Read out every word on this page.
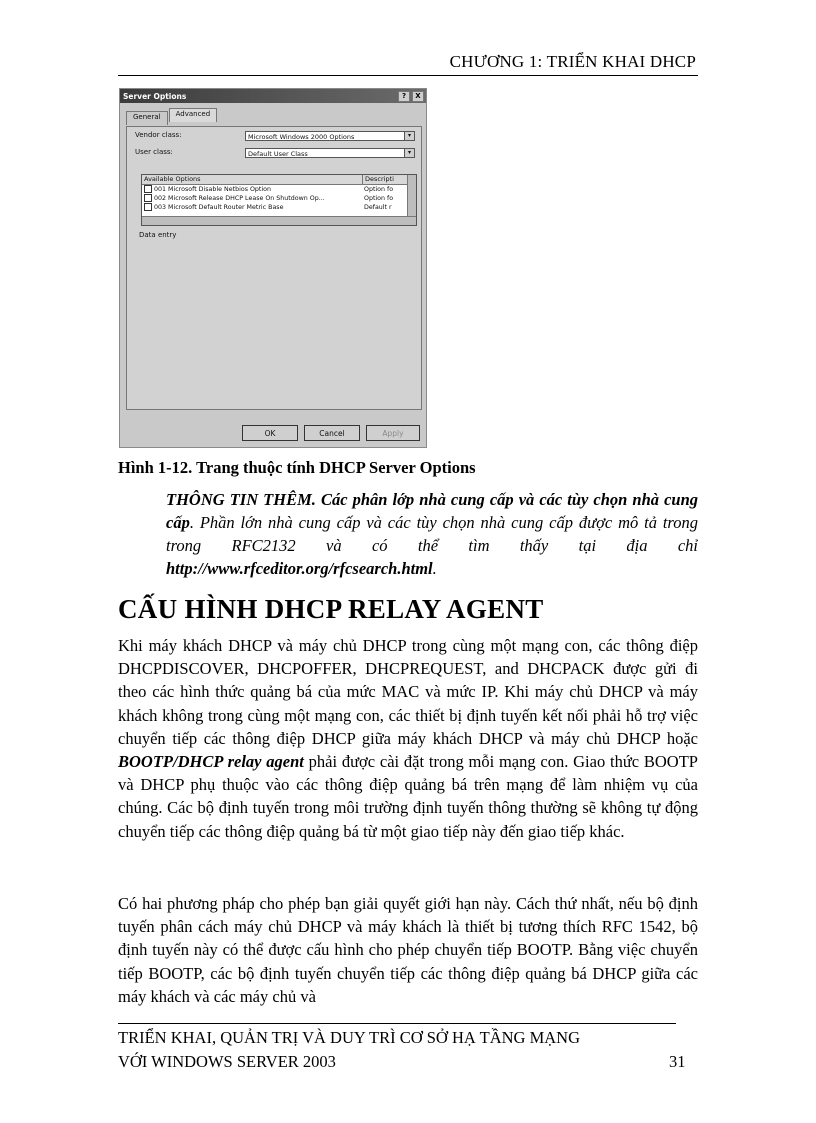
CHƯƠNG 1: TRIỂN KHAI DHCP
Server Options	? X
General	Advanced
Vendor class:	Microsoft Windows 2000 Options	▾
User class:	Default User Class	▾
Available Options	Descripti
001 Microsoft Disable Netbios Option	Option fo
002 Microsoft Release DHCP Lease On Shutdown Op...	Option fo
003 Microsoft Default Router Metric Base	Default r
Data entry
OK	Cancel	Apply
Hình 1-12. Trang thuộc tính DHCP Server Options
THÔNG TIN THÊM. Các phân lớp nhà cung cấp và các tùy chọn nhà cung cấp. Phần lớn nhà cung cấp và các tùy chọn nhà cung cấp được mô tả trong trong RFC2132 và có thể tìm thấy tại địa chỉ http://www.rfceditor.org/rfcsearch.html.
CẤU HÌNH DHCP RELAY AGENT
Khi máy khách DHCP và máy chủ DHCP trong cùng một mạng con, các thông điệp DHCPDISCOVER, DHCPOFFER, DHCPREQUEST, and DHCPACK được gửi đi theo các hình thức quảng bá của mức MAC và mức IP. Khi máy chủ DHCP và máy khách không trong cùng một mạng con, các thiết bị định tuyến kết nối phải hỗ trợ việc chuyển tiếp các thông điệp DHCP giữa máy khách DHCP và máy chủ DHCP hoặc BOOTP/DHCP relay agent phải được cài đặt trong mỗi mạng con. Giao thức BOOTP và DHCP phụ thuộc vào các thông điệp quảng bá trên mạng để làm nhiệm vụ của chúng. Các bộ định tuyến trong môi trường định tuyến thông thường sẽ không tự động chuyển tiếp các thông điệp quảng bá từ một giao tiếp này đến giao tiếp khác.
Có hai phương pháp cho phép bạn giải quyết giới hạn này. Cách thứ nhất, nếu bộ định tuyến phân cách máy chủ DHCP và máy khách là thiết bị tương thích RFC 1542, bộ định tuyến này có thể được cấu hình cho phép chuyển tiếp BOOTP. Bằng việc chuyển tiếp BOOTP, các bộ định tuyến chuyển tiếp các thông điệp quảng bá DHCP giữa các máy khách và các máy chủ và
TRIỂN KHAI, QUẢN TRỊ VÀ DUY TRÌ CƠ SỞ HẠ TẦNG MẠNG
VỚI WINDOWS SERVER 2003	31
